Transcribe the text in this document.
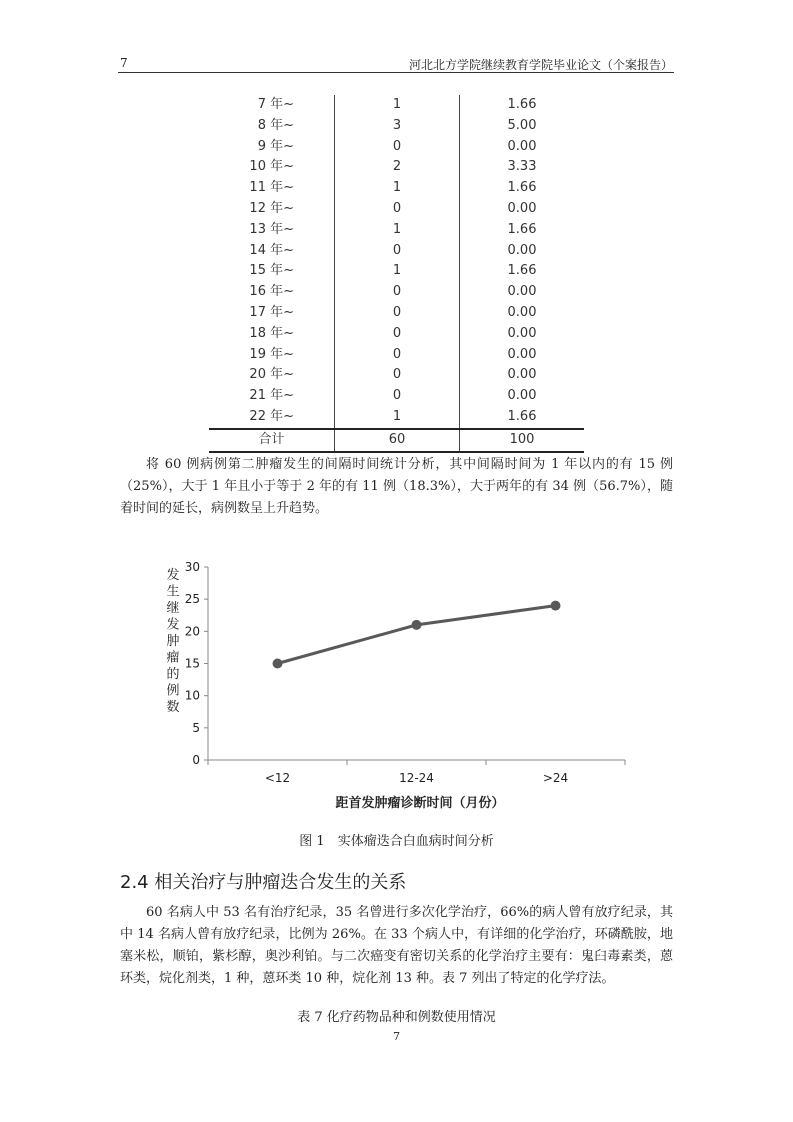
7	河北北方学院继续教育学院毕业论文（个案报告）
7 年~	1	1.66
8 年~	3	5.00
9 年~	0	0.00
10 年~	2	3.33
11 年~	1	1.66
12 年~	0	0.00
13 年~	1	1.66
14 年~	0	0.00
15 年~	1	1.66
16 年~	0	0.00
17 年~	0	0.00
18 年~	0	0.00
19 年~	0	0.00
20 年~	0	0.00
21 年~	0	0.00
22 年~	1	1.66
合计	60	100

将 60 例病例第二肿瘤发生的间隔时间统计分析，其中间隔时间为 1 年以内的有 15 例（25%），大于 1 年且小于等于 2 年的有 11 例（18.3%），大于两年的有 34 例（56.7%），随着时间的延长，病例数呈上升趋势。

0
5
10
15
20
25
30
<12	12-24	>24
发生继发肿瘤的例数
距首发肿瘤诊断时间（月份）
图 1　实体瘤迭合白血病时间分析
2.4 相关治疗与肿瘤迭合发生的关系

60 名病人中 53 名有治疗纪录，35 名曾进行多次化学治疗，66%的病人曾有放疗纪录，其中 14 名病人曾有放疗纪录，比例为 26%。在 33 个病人中，有详细的化学治疗，环磷酰胺，地塞米松，顺铂，紫杉醇，奥沙利铂。与二次癌变有密切关系的化学治疗主要有：鬼臼毒素类，蒽环类，烷化剂类，1 种，蒽环类 10 种，烷化剂 13 种。表 7 列出了特定的化学疗法。

表 7 化疗药物品种和例数使用情况
7
